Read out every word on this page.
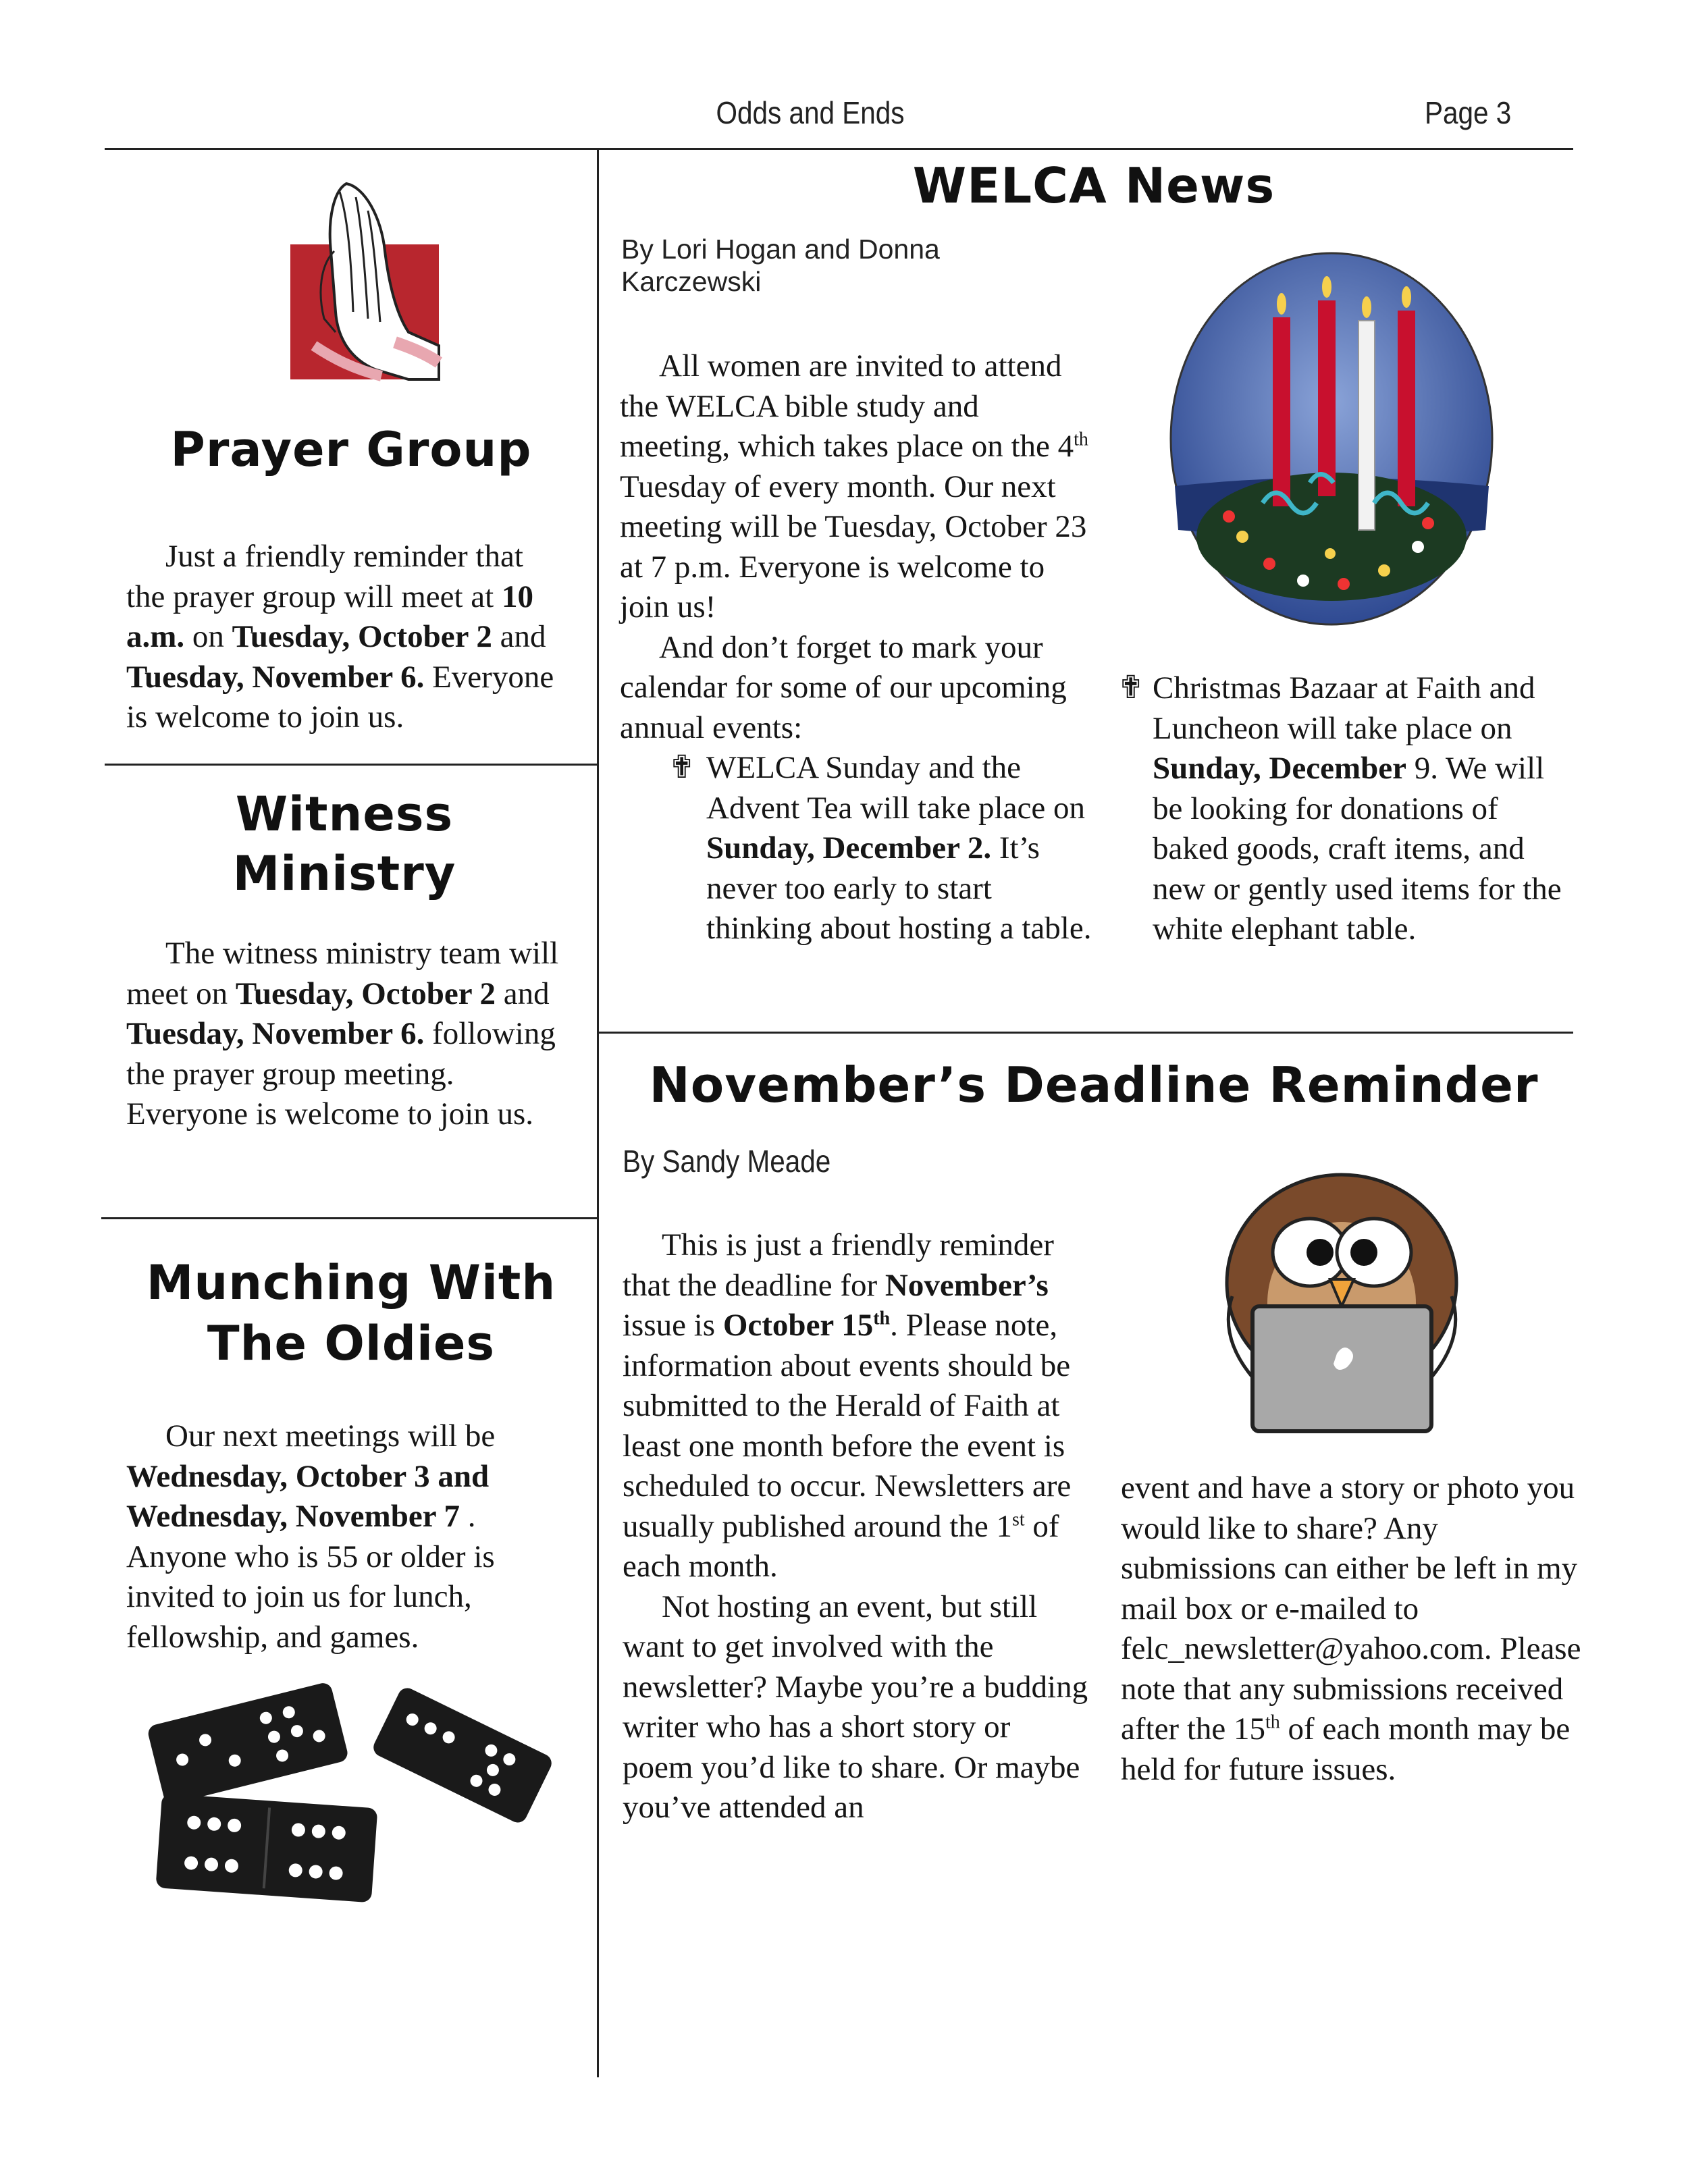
Odds and Ends	Page 3
Prayer Group

Just a friendly reminder that the prayer group will meet at 10 a.m. on Tuesday, October 2 and Tuesday, November 6. Everyone is welcome to join us.

Witness
Ministry

The witness ministry team will meet on Tuesday, October 2 and Tuesday, November 6. following the prayer group meeting. Everyone is welcome to join us.

Munching With
The Oldies

Our next meetings will be Wednesday, October 3 and Wednesday, November 7 . Anyone who is 55 or older is invited to join us for lunch, fellowship, and games.

WELCA News
By Lori Hogan and Donna Karczewski

All women are invited to attend the WELCA bible study and meeting, which takes place on the 4th Tuesday of every month. Our next meeting will be Tuesday, October 23 at 7 p.m. Everyone is welcome to join us!

And don’t forget to mark your calendar for some of our upcoming annual events:

✟ WELCA Sunday and the Advent Tea will take place on Sunday, December 2. It’s never too early to start thinking about hosting a table.
✟ Christmas Bazaar at Faith and Luncheon will take place on Sunday, December 9. We will be looking for donations of baked goods, craft items, and new or gently used items for the white elephant table.
November’s Deadline Reminder
By Sandy Meade

This is just a friendly reminder that the deadline for November’s issue is October 15th. Please note, information about events should be submitted to the Herald of Faith at least one month before the event is scheduled to occur. Newsletters are usually published around the 1st of each month.

Not hosting an event, but still want to get involved with the newsletter? Maybe you’re a budding writer who has a short story or poem you’d like to share. Or maybe you’ve attended an

event and have a story or photo you would like to share? Any submissions can either be left in my mail box or e-mailed to felc_newsletter@yahoo.com. Please note that any submissions received after the 15th of each month may be held for future issues.
